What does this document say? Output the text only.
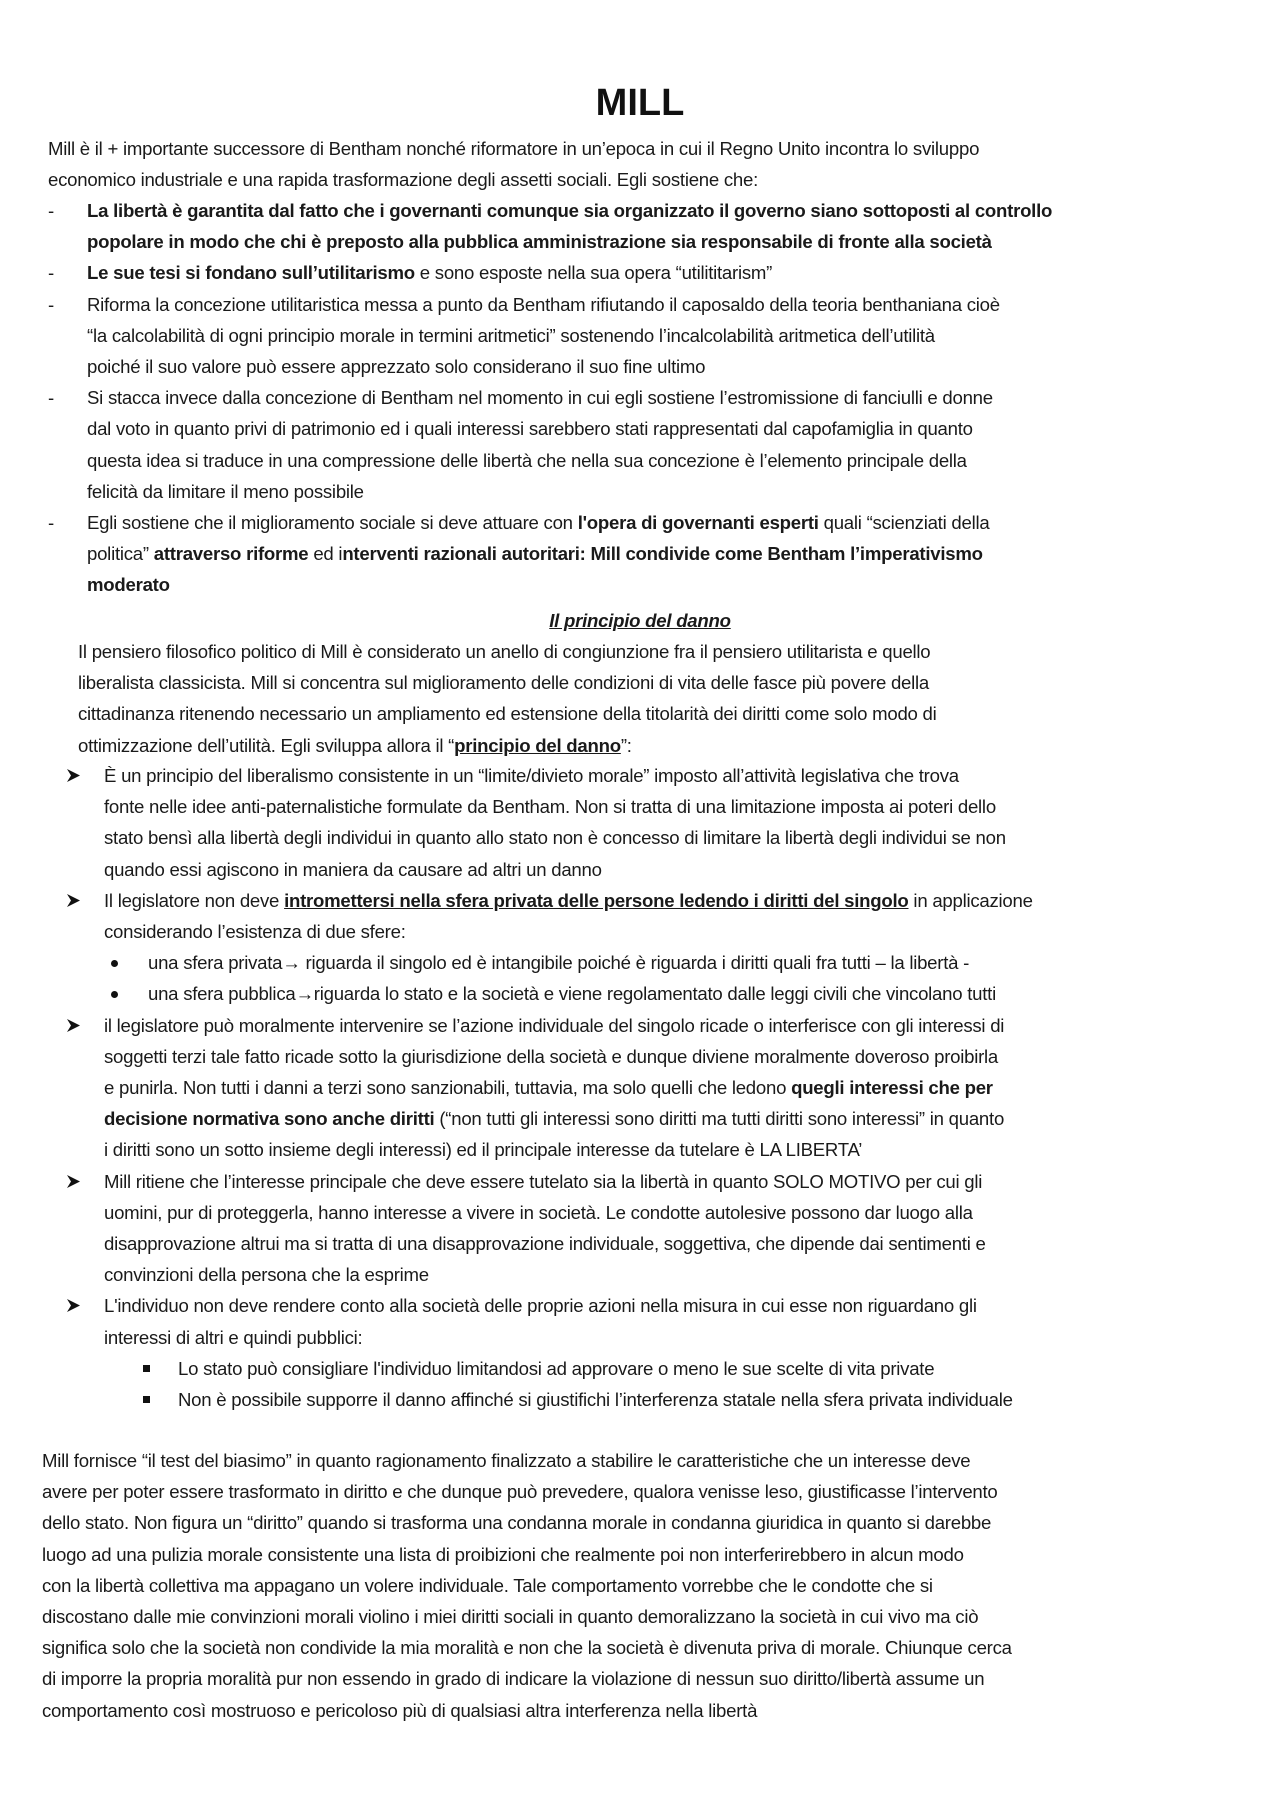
MILL
Mill è il + importante successore di Bentham nonché riformatore in un’epoca in cui il Regno Unito incontra lo sviluppo
economico industriale e una rapida trasformazione degli assetti sociali. Egli sostiene che:
- La libertà è garantita dal fatto che i governanti comunque sia organizzato il governo siano sottoposti al controllo
popolare in modo che chi è preposto alla pubblica amministrazione sia responsabile di fronte alla società
- Le sue tesi si fondano sull’utilitarismo e sono esposte nella sua opera “utilititarism”
- Riforma la concezione utilitaristica messa a punto da Bentham rifiutando il caposaldo della teoria benthaniana cioè
“la calcolabilità di ogni principio morale in termini aritmetici” sostenendo l’incalcolabilità aritmetica dell’utilità
poiché il suo valore può essere apprezzato solo considerano il suo fine ultimo
- Si stacca invece dalla concezione di Bentham nel momento in cui egli sostiene l’estromissione di fanciulli e donne
dal voto in quanto privi di patrimonio ed i quali interessi sarebbero stati rappresentati dal capofamiglia in quanto
questa idea si traduce in una compressione delle libertà che nella sua concezione è l’elemento principale della
felicità da limitare il meno possibile
- Egli sostiene che il miglioramento sociale si deve attuare con l'opera di governanti esperti quali “scienziati della
politica” attraverso riforme ed interventi razionali autoritari: Mill condivide come Bentham l’imperativismo
moderato
Il principio del danno
Il pensiero filosofico politico di Mill è considerato un anello di congiunzione fra il pensiero utilitarista e quello
liberalista classicista. Mill si concentra sul miglioramento delle condizioni di vita delle fasce più povere della
cittadinanza ritenendo necessario un ampliamento ed estensione della titolarità dei diritti come solo modo di
ottimizzazione dell’utilità. Egli sviluppa allora il “principio del danno”:
È un principio del liberalismo consistente in un “limite/divieto morale” imposto all’attività legislativa che trova
fonte nelle idee anti-paternalistiche formulate da Bentham. Non si tratta di una limitazione imposta ai poteri dello
stato bensì alla libertà degli individui in quanto allo stato non è concesso di limitare la libertà degli individui se non
quando essi agiscono in maniera da causare ad altri un danno
Il legislatore non deve intromettersi nella sfera privata delle persone ledendo i diritti del singolo in applicazione
considerando l’esistenza di due sfere:
una sfera privata→ riguarda il singolo ed è intangibile poiché è riguarda i diritti quali fra tutti – la libertà -
una sfera pubblica→riguarda lo stato e la società e viene regolamentato dalle leggi civili che vincolano tutti
il legislatore può moralmente intervenire se l’azione individuale del singolo ricade o interferisce con gli interessi di
soggetti terzi tale fatto ricade sotto la giurisdizione della società e dunque diviene moralmente doveroso proibirla
e punirla. Non tutti i danni a terzi sono sanzionabili, tuttavia, ma solo quelli che ledono quegli interessi che per
decisione normativa sono anche diritti (“non tutti gli interessi sono diritti ma tutti diritti sono interessi” in quanto
i diritti sono un sotto insieme degli interessi) ed il principale interesse da tutelare è LA LIBERTA’
Mill ritiene che l’interesse principale che deve essere tutelato sia la libertà in quanto SOLO MOTIVO per cui gli
uomini, pur di proteggerla, hanno interesse a vivere in società. Le condotte autolesive possono dar luogo alla
disapprovazione altrui ma si tratta di una disapprovazione individuale, soggettiva, che dipende dai sentimenti e
convinzioni della persona che la esprime
L'individuo non deve rendere conto alla società delle proprie azioni nella misura in cui esse non riguardano gli
interessi di altri e quindi pubblici:
Lo stato può consigliare l'individuo limitandosi ad approvare o meno le sue scelte di vita private
Non è possibile supporre il danno affinché si giustifichi l’interferenza statale nella sfera privata individuale
Mill fornisce “il test del biasimo” in quanto ragionamento finalizzato a stabilire le caratteristiche che un interesse deve
avere per poter essere trasformato in diritto e che dunque può prevedere, qualora venisse leso, giustificasse l’intervento
dello stato. Non figura un “diritto” quando si trasforma una condanna morale in condanna giuridica in quanto si darebbe
luogo ad una pulizia morale consistente una lista di proibizioni che realmente poi non interferirebbero in alcun modo
con la libertà collettiva ma appagano un volere individuale. Tale comportamento vorrebbe che le condotte che si
discostano dalle mie convinzioni morali violino i miei diritti sociali in quanto demoralizzano la società in cui vivo ma ciò
significa solo che la società non condivide la mia moralità e non che la società è divenuta priva di morale. Chiunque cerca
di imporre la propria moralità pur non essendo in grado di indicare la violazione di nessun suo diritto/libertà assume un
comportamento così mostruoso e pericoloso più di qualsiasi altra interferenza nella libertà
